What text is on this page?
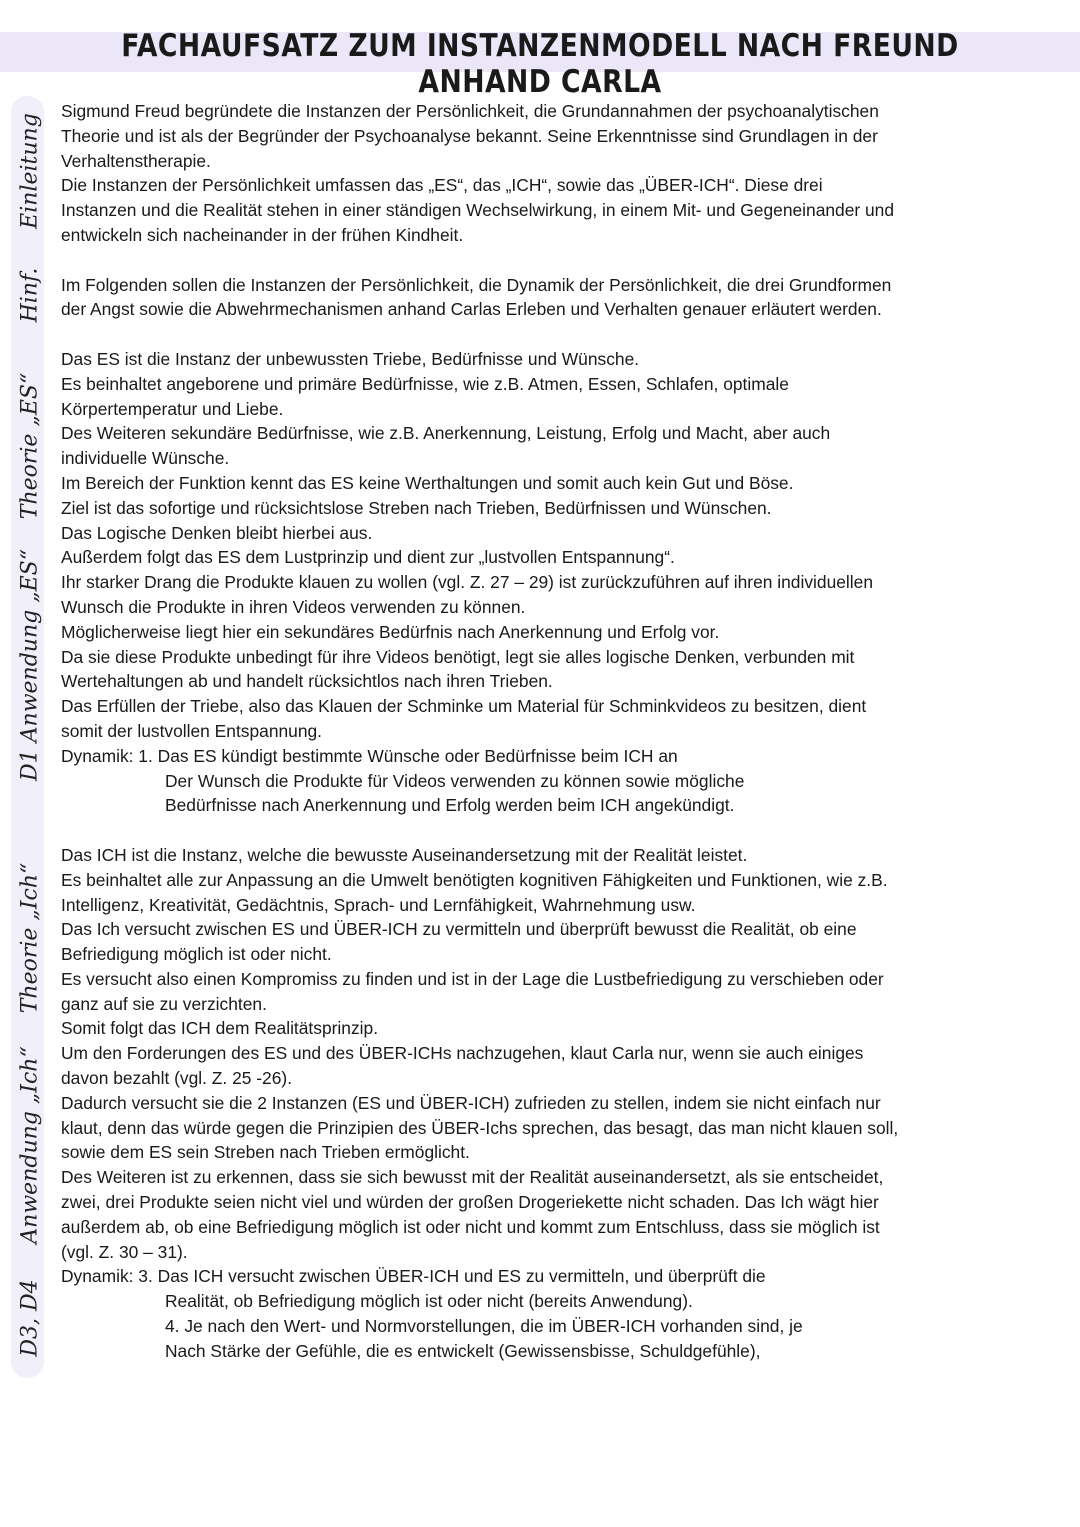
FACHAUFSATZ ZUM INSTANZENMODELL NACH FREUND ANHAND CARLA
Einleitung
Hinf.
Theorie „ES“
D1 Anwendung „ES“
Theorie „Ich“
Anwendung „Ich“
D3, D4
Sigmund Freud begründete die Instanzen der Persönlichkeit, die Grundannahmen der psychoanalytischen
Theorie und ist als der Begründer der Psychoanalyse bekannt. Seine Erkenntnisse sind Grundlagen in der
Verhaltenstherapie.
Die Instanzen der Persönlichkeit umfassen das „ES“, das „ICH“, sowie das „ÜBER-ICH“. Diese drei
Instanzen und die Realität stehen in einer ständigen Wechselwirkung, in einem Mit- und Gegeneinander und
entwickeln sich nacheinander in der frühen Kindheit.
Im Folgenden sollen die Instanzen der Persönlichkeit, die Dynamik der Persönlichkeit, die drei Grundformen
der Angst sowie die Abwehrmechanismen anhand Carlas Erleben und Verhalten genauer erläutert werden.
Das ES ist die Instanz der unbewussten Triebe, Bedürfnisse und Wünsche.
Es beinhaltet angeborene und primäre Bedürfnisse, wie z.B. Atmen, Essen, Schlafen, optimale
Körpertemperatur und Liebe.
Des Weiteren sekundäre Bedürfnisse, wie z.B. Anerkennung, Leistung, Erfolg und Macht, aber auch
individuelle Wünsche.
Im Bereich der Funktion kennt das ES keine Werthaltungen und somit auch kein Gut und Böse.
Ziel ist das sofortige und rücksichtslose Streben nach Trieben, Bedürfnissen und Wünschen.
Das Logische Denken bleibt hierbei aus.
Außerdem folgt das ES dem Lustprinzip und dient zur „lustvollen Entspannung“.
Ihr starker Drang die Produkte klauen zu wollen (vgl. Z. 27 – 29) ist zurückzuführen auf ihren individuellen
Wunsch die Produkte in ihren Videos verwenden zu können.
Möglicherweise liegt hier ein sekundäres Bedürfnis nach Anerkennung und Erfolg vor.
Da sie diese Produkte unbedingt für ihre Videos benötigt, legt sie alles logische Denken, verbunden mit
Wertehaltungen ab und handelt rücksichtlos nach ihren Trieben.
Das Erfüllen der Triebe, also das Klauen der Schminke um Material für Schminkvideos zu besitzen, dient
somit der lustvollen Entspannung.
Dynamik: 1. Das ES kündigt bestimmte Wünsche oder Bedürfnisse beim ICH an
Der Wunsch die Produkte für Videos verwenden zu können sowie mögliche
Bedürfnisse nach Anerkennung und Erfolg werden beim ICH angekündigt.
Das ICH ist die Instanz, welche die bewusste Auseinandersetzung mit der Realität leistet.
Es beinhaltet alle zur Anpassung an die Umwelt benötigten kognitiven Fähigkeiten und Funktionen, wie z.B.
Intelligenz, Kreativität, Gedächtnis, Sprach- und Lernfähigkeit, Wahrnehmung usw.
Das Ich versucht zwischen ES und ÜBER-ICH zu vermitteln und überprüft bewusst die Realität, ob eine
Befriedigung möglich ist oder nicht.
Es versucht also einen Kompromiss zu finden und ist in der Lage die Lustbefriedigung zu verschieben oder
ganz auf sie zu verzichten.
Somit folgt das ICH dem Realitätsprinzip.
Um den Forderungen des ES und des ÜBER-ICHs nachzugehen, klaut Carla nur, wenn sie auch einiges
davon bezahlt (vgl. Z. 25 -26).
Dadurch versucht sie die 2 Instanzen (ES und ÜBER-ICH) zufrieden zu stellen, indem sie nicht einfach nur
klaut, denn das würde gegen die Prinzipien des ÜBER-Ichs sprechen, das besagt, das man nicht klauen soll,
sowie dem ES sein Streben nach Trieben ermöglicht.
Des Weiteren ist zu erkennen, dass sie sich bewusst mit der Realität auseinandersetzt, als sie entscheidet,
zwei, drei Produkte seien nicht viel und würden der großen Drogeriekette nicht schaden. Das Ich wägt hier
außerdem ab, ob eine Befriedigung möglich ist oder nicht und kommt zum Entschluss, dass sie möglich ist
(vgl. Z. 30 – 31).
Dynamik: 3. Das ICH versucht zwischen ÜBER-ICH und ES zu vermitteln, und überprüft die
Realität, ob Befriedigung möglich ist oder nicht (bereits Anwendung).
4. Je nach den Wert- und Normvorstellungen, die im ÜBER-ICH vorhanden sind, je
Nach Stärke der Gefühle, die es entwickelt (Gewissensbisse, Schuldgefühle),
